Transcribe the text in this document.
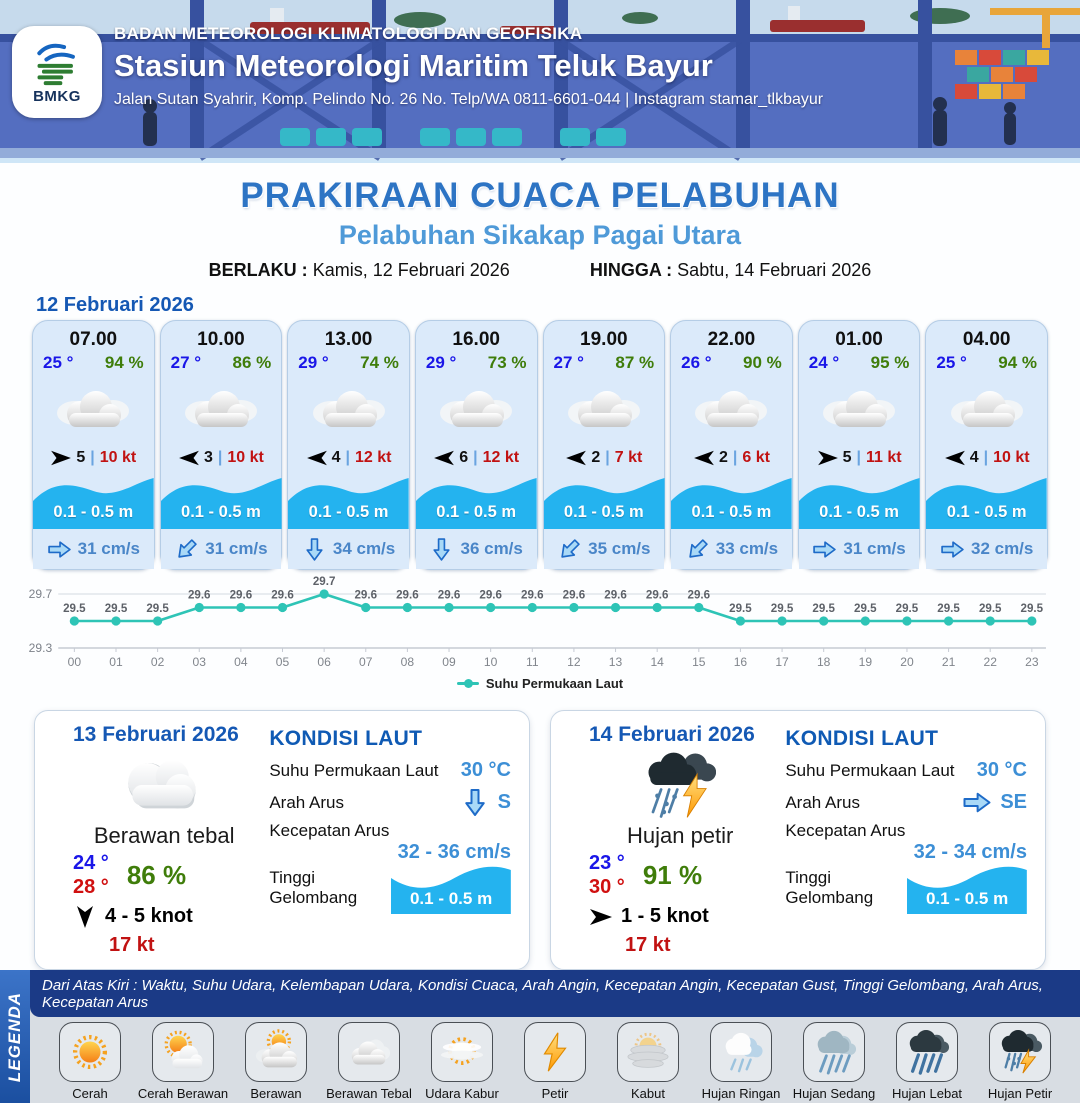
BMKG
BADAN METEOROLOGI KLIMATOLOGI DAN GEOFISIKA
Stasiun Meteorologi Maritim Teluk Bayur
Jalan Sutan Syahrir, Komp. Pelindo No. 26 No. Telp/WA 0811-6601-044 | Instagram stamar_tlkbayur
PRAKIRAAN CUACA PELABUHAN
Pelabuhan Sikakap Pagai Utara
BERLAKU : Kamis, 12 Februari 2026	HINGGA : Sabtu, 14 Februari 2026
12 Februari 2026
07.00
25 ° 94 %
5 | 10 kt
0.1 - 0.5 m
31 cm/s
10.00
27 ° 86 %
3 | 10 kt
0.1 - 0.5 m
31 cm/s
13.00
29 ° 74 %
4 | 12 kt
0.1 - 0.5 m
34 cm/s
16.00
29 ° 73 %
6 | 12 kt
0.1 - 0.5 m
36 cm/s
19.00
27 ° 87 %
2 | 7 kt
0.1 - 0.5 m
35 cm/s
22.00
26 ° 90 %
2 | 6 kt
0.1 - 0.5 m
33 cm/s
01.00
24 ° 95 %
5 | 11 kt
0.1 - 0.5 m
31 cm/s
04.00
25 ° 94 %
4 | 10 kt
0.1 - 0.5 m
32 cm/s
29.7
29.3
29.5
00
29.5
01
29.5
02
29.6
03
29.6
04
29.6
05
29.7
06
29.6
07
29.6
08
29.6
09
29.6
10
29.6
11
29.6
12
29.6
13
29.6
14
29.6
15
29.5
16
29.5
17
29.5
18
29.5
19
29.5
20
29.5
21
29.5
22
29.5
23
Suhu Permukaan Laut
13 Februari 2026
Berawan tebal
24 °
28 ° 86 %
4 - 5 knot
17 kt
KONDISI LAUT
Suhu Permukaan Laut 30 °C
Arah Arus	S
Kecepatan Arus
32 - 36 cm/s
Tinggi Gelombang	0.1 - 0.5 m
14 Februari 2026
Hujan petir
23 °
30 ° 91 %
1 - 5 knot
17 kt
KONDISI LAUT
Suhu Permukaan Laut 30 °C
Arah Arus	SE
Kecepatan Arus
32 - 34 cm/s
Tinggi Gelombang	0.1 - 0.5 m
LEGENDA
Dari Atas Kiri : Waktu, Suhu Udara, Kelembapan Udara, Kondisi Cuaca, Arah Angin, Kecepatan Angin, Kecepatan Gust, Tinggi Gelombang, Arah Arus, Kecepatan Arus
Cerah Cerah Berawan Berawan Berawan Tebal Udara Kabur	Petir	Kabut	Hujan Ringan Hujan Sedang Hujan Lebat Hujan Petir
